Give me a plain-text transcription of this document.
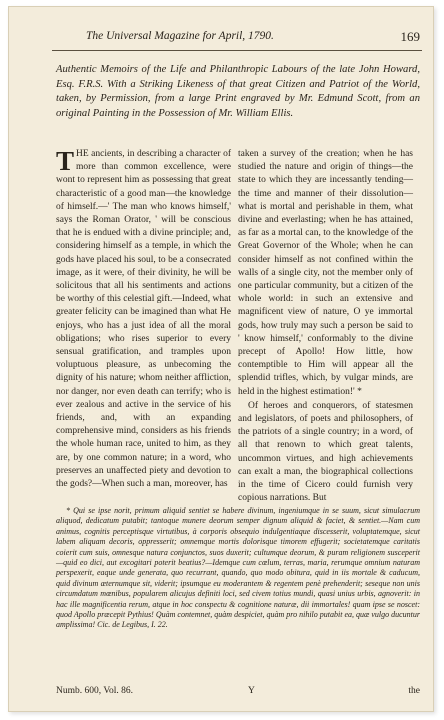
The Universal Magazine for April, 1790.	169
Authentic Memoirs of the Life and Philanthropic Labours of the late John Howard, Esq. F.R.S. With a Striking Likeness of that great Citizen and Patriot of the World, taken, by Permission, from a large Print engraved by Mr. Edmund Scott, from an original Painting in the Possession of Mr. William Ellis.

THE ancients, in describing a character of more than common excellence, were wont to represent him as possessing that great characteristic of a good man—the knowledge of himself.—' The man who knows himself,' says the Roman Orator, ' will be conscious that he is endued with a divine principle; and, considering himself as a temple, in which the gods have placed his soul, to be a consecrated image, as it were, of their divinity, he will be solicitous that all his sentiments and actions be worthy of this celestial gift.—Indeed, what greater felicity can be imagined than what He enjoys, who has a just idea of all the moral obligations; who rises superior to every sensual gratification, and tramples upon voluptuous pleasure, as unbecoming the dignity of his nature; whom neither affliction, nor danger, nor even death can terrify; who is ever zealous and active in the service of his friends, and, with an expanding comprehensive mind, considers as his friends the whole human race, united to him, as they are, by one common nature; in a word, who preserves an unaffected piety and devotion to the gods?—When such a man, moreover, has

taken a survey of the creation; when he has studied the nature and origin of things—the state to which they are incessantly tending—the time and manner of their dissolution—what is mortal and perishable in them, what divine and everlasting; when he has attained, as far as a mortal can, to the knowledge of the Great Governor of the Whole; when he can consider himself as not confined within the walls of a single city, not the member only of one particular community, but a citizen of the whole world: in such an extensive and magnificent view of nature, O ye immortal gods, how truly may such a person be said to ' know himself,' conformably to the divine precept of Apollo! How little, how contemptible to Him will appear all the splendid trifles, which, by vulgar minds, are held in the highest estimation!' *

Of heroes and conquerors, of statesmen and legislators, of poets and philosophers, of the patriots of a single country; in a word, of all that renown to which great talents, uncommon virtues, and high achievements can exalt a man, the biographical collections in the time of Cicero could furnish very copious narrations. But

* Qui se ipse norit, primum aliquid sentiet se habere divinum, ingeniumque in se suum, sicut simulacrum aliquod, dedicatum putabit; tantoque munere deorum semper dignum aliquid & faciet, & sentiet.—Nam cum animus, cognitis perceptisque virtutibus, à corporis obsequio indulgentiaque discesserit, voluptatemque, sicut labem aliquam decoris, oppresserit; omnemque mortis dolorisque timorem effugerit; societatemque caritatis coierit cum suis, omnesque natura conjunctos, suos duxerit; cultumque deorum, & puram religionem susceperit—quid eo dici, aut excogitari poterit beatius?—Idemque cum cœlum, terras, maria, rerumque omnium naturam perspexerit, eaque unde generata, quo recurrant, quando, quo modo obitura, quid in iis mortale & caducum, quid divinum æternumque sit, viderit; ipsumque eu moderantem & regentem penè prehenderit; seseque non unis circumdatum mœnibus, popularem alicujus definiti loci, sed civem totius mundi, quasi unius urbis, agnoverit: in hac ille magnificentia rerum, atque in hoc conspectu & cognitione naturæ, dii immortales! quam ipse se noscet: quod Apollo præcepit Pythius! Quàm contemnet, quàm despiciet, quàm pro nihilo putabit ea, quæ vulgo ducuntur amplissima! Cic. de Legibus, I. 22.

Numb. 600, Vol. 86.	Y	the
